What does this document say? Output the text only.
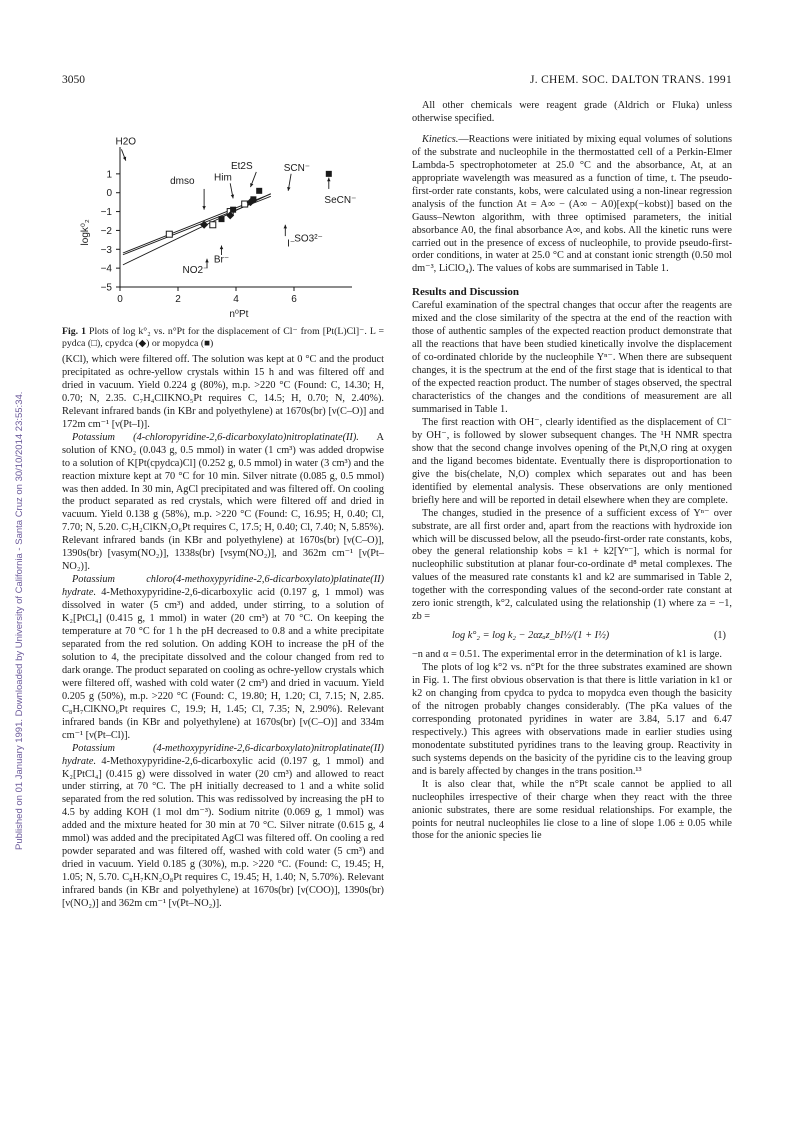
3050	J. CHEM. SOC. DALTON TRANS. 1991
Published on 01 January 1991. Downloaded by University of California - Santa Cruz on 30/10/2014 23:55:34.
1
0
−1
−2
−3
−4
−5
0	2	4	6
n⁰Pt
logk⁰₂
H2O
Et2S	SCN⁻
Him
dmso
SeCN⁻
SO3²⁻
I⁻
Br⁻
NO2⁻
Fig. 1 Plots of log k°₂ vs. n°Pt for the displacement of Cl⁻ from [Pt(L)Cl]⁻. L = pydca (□), cpydca (◆) or mopydca (■)

(KCl), which were filtered off. The solution was kept at 0 °C and the product precipitated as ochre-yellow crystals within 15 h and was filtered off and dried in vacuum. Yield 0.224 g (80%), m.p. >220 °C (Found: C, 14.30; H, 0.70; N, 2.35. C₇H₄ClIKNO₅Pt requires C, 14.5; H, 0.70; N, 2.40%). Relevant infrared bands (in KBr and polyethylene) at 1670s(br) [ν(C–O)] and 172m cm⁻¹ [ν(Pt–I)].

Potassium (4-chloropyridine-2,6-dicarboxylato)nitroplatinate(II). A solution of KNO₂ (0.043 g, 0.5 mmol) in water (1 cm³) was added dropwise to a solution of K[Pt(cpydca)Cl] (0.252 g, 0.5 mmol) in water (3 cm³) and the reaction mixture kept at 70 °C for 10 min. Silver nitrate (0.085 g, 0.5 mmol) was then added. In 30 min, AgCl precipitated and was filtered off. On cooling the product separated as red crystals, which were filtered off and dried in vacuum. Yield 0.138 g (58%), m.p. >220 °C (Found: C, 16.95; H, 0.40; Cl, 7.70; N, 5.20. C₇H₂ClKN₂O₆Pt requires C, 17.5; H, 0.40; Cl, 7.40; N, 5.85%). Relevant infrared bands (in KBr and polyethylene) at 1670s(br) [ν(C–O)], 1390s(br) [νasym(NO₂)], 1338s(br) [νsym(NO₂)], and 362m cm⁻¹ [ν(Pt–NO₂)].

Potassium chloro(4-methoxypyridine-2,6-dicarboxylato)platinate(II) hydrate. 4-Methoxypyridine-2,6-dicarboxylic acid (0.197 g, 1 mmol) was dissolved in water (5 cm³) and added, under stirring, to a solution of K₂[PtCl₄] (0.415 g, 1 mmol) in water (20 cm³) at 70 °C. On keeping the temperature at 70 °C for 1 h the pH decreased to 0.8 and a white precipitate separated from the red solution. On adding KOH to increase the pH of the solution to 4, the precipitate dissolved and the colour changed from red to dark orange. The product separated on cooling as ochre-yellow crystals which were filtered off, washed with cold water (2 cm³) and dried in vacuum. Yield 0.205 g (50%), m.p. >220 °C (Found: C, 19.80; H, 1.20; Cl, 7.15; N, 2.85. C₈H₇ClKNO₆Pt requires C, 19.9; H, 1.45; Cl, 7.35; N, 2.90%). Relevant infrared bands (in KBr and polyethylene) at 1670s(br) [ν(C–O)] and 334m cm⁻¹ [ν(Pt–Cl)].

Potassium (4-methoxypyridine-2,6-dicarboxylato)nitroplatinate(II) hydrate. 4-Methoxypyridine-2,6-dicarboxylic acid (0.197 g, 1 mmol) and K₂[PtCl₄] (0.415 g) were dissolved in water (20 cm³) and allowed to react under stirring, at 70 °C. The pH initially decreased to 1 and a white solid separated from the red solution. This was redissolved by increasing the pH to 4.5 by adding KOH (1 mol dm⁻³). Sodium nitrite (0.069 g, 1 mmol) was added and the mixture heated for 30 min at 70 °C. Silver nitrate (0.615 g, 4 mmol) was added and the precipitated AgCl was filtered off. On cooling a red powder separated and was filtered off, washed with cold water (5 cm³) and dried in vacuum. Yield 0.185 g (30%), m.p. >220 °C. (Found: C, 19.45; H, 1.05; N, 5.70. C₈H₇KN₂O₈Pt requires C, 19.45; H, 1.40; N, 5.70%). Relevant infrared bands (in KBr and polyethylene) at 1670s(br) [ν(COO)], 1390s(br) [ν(NO₂)] and 362m cm⁻¹ [ν(Pt–NO₂)].

All other chemicals were reagent grade (Aldrich or Fluka) unless otherwise specified.

Kinetics.—Reactions were initiated by mixing equal volumes of solutions of the substrate and nucleophile in the thermostatted cell of a Perkin-Elmer Lambda-5 spectrophotometer at 25.0 °C and the absorbance, At, at an appropriate wavelength was measured as a function of time, t. The pseudo-first-order rate constants, kobs, were calculated using a non-linear regression analysis of the function At = A∞ − (A∞ − A0)[exp(−kobst)] based on the Gauss–Newton algorithm, with three optimised parameters, the initial absorbance A0, the final absorbance A∞, and kobs. All the kinetic runs were carried out in the presence of excess of nucleophile, to provide pseudo-first-order conditions, in water at 25.0 °C and at constant ionic strength (0.50 mol dm⁻³, LiClO₄). The values of kobs are summarised in Table 1.

Results and Discussion

Careful examination of the spectral changes that occur after the reagents are mixed and the close similarity of the spectra at the end of the reaction with those of authentic samples of the expected reaction product demonstrate that all the reactions that have been studied kinetically involve the displacement of co-ordinated chloride by the nucleophile Yⁿ⁻. When there are subsequent changes, it is the spectrum at the end of the first stage that is identical to that of the expected reaction product. The number of stages observed, the spectral characteristics of the changes and the conditions of measurement are all summarised in Table 1.

The first reaction with OH⁻, clearly identified as the displacement of Cl⁻ by OH⁻, is followed by slower subsequent changes. The ¹H NMR spectra show that the second change involves opening of the Pt,N,O ring at oxygen and the ligand becomes bidentate. Eventually there is disproportionation to give the bis(chelate, N,O) complex which separates out and has been identified by elemental analysis. These observations are only mentioned briefly here and will be reported in detail elsewhere when they are complete.

The changes, studied in the presence of a sufficient excess of Yⁿ⁻ over substrate, are all first order and, apart from the reactions with hydroxide ion which will be discussed below, all the pseudo-first-order rate constants, kobs, obey the general relationship kobs = k1 + k2[Yⁿ⁻], which is normal for nucleophilic substitution at planar four-co-ordinate d⁸ metal complexes. The values of the measured rate constants k1 and k2 are summarised in Table 2, together with the corresponding values of the second-order rate constant at zero ionic strength, k°2, calculated using the relationship (1) where za = −1, zb =

log k°₂ = log k₂ − 2αzₐz_bI½/(1 + I½)	(1)

−n and α = 0.51. The experimental error in the determination of k1 is large.

The plots of log k°2 vs. n°Pt for the three substrates examined are shown in Fig. 1. The first obvious observation is that there is little variation in k1 or k2 on changing from cpydca to pydca to mopydca even though the basicity of the nitrogen probably changes considerably. (The pKa values of the corresponding protonated pyridines in water are 3.84, 5.17 and 6.47 respectively.) This agrees with observations made in earlier studies using monodentate substituted pyridines trans to the leaving group. Reactivity in such systems depends on the basicity of the pyridine cis to the leaving group and is barely affected by changes in the trans position.¹³

It is also clear that, while the n°Pt scale cannot be applied to all nucleophiles irrespective of their charge when they react with the three anionic substrates, there are some residual relationships. For example, the points for neutral nucleophiles lie close to a line of slope 1.06 ± 0.05 while those for the anionic species lie
